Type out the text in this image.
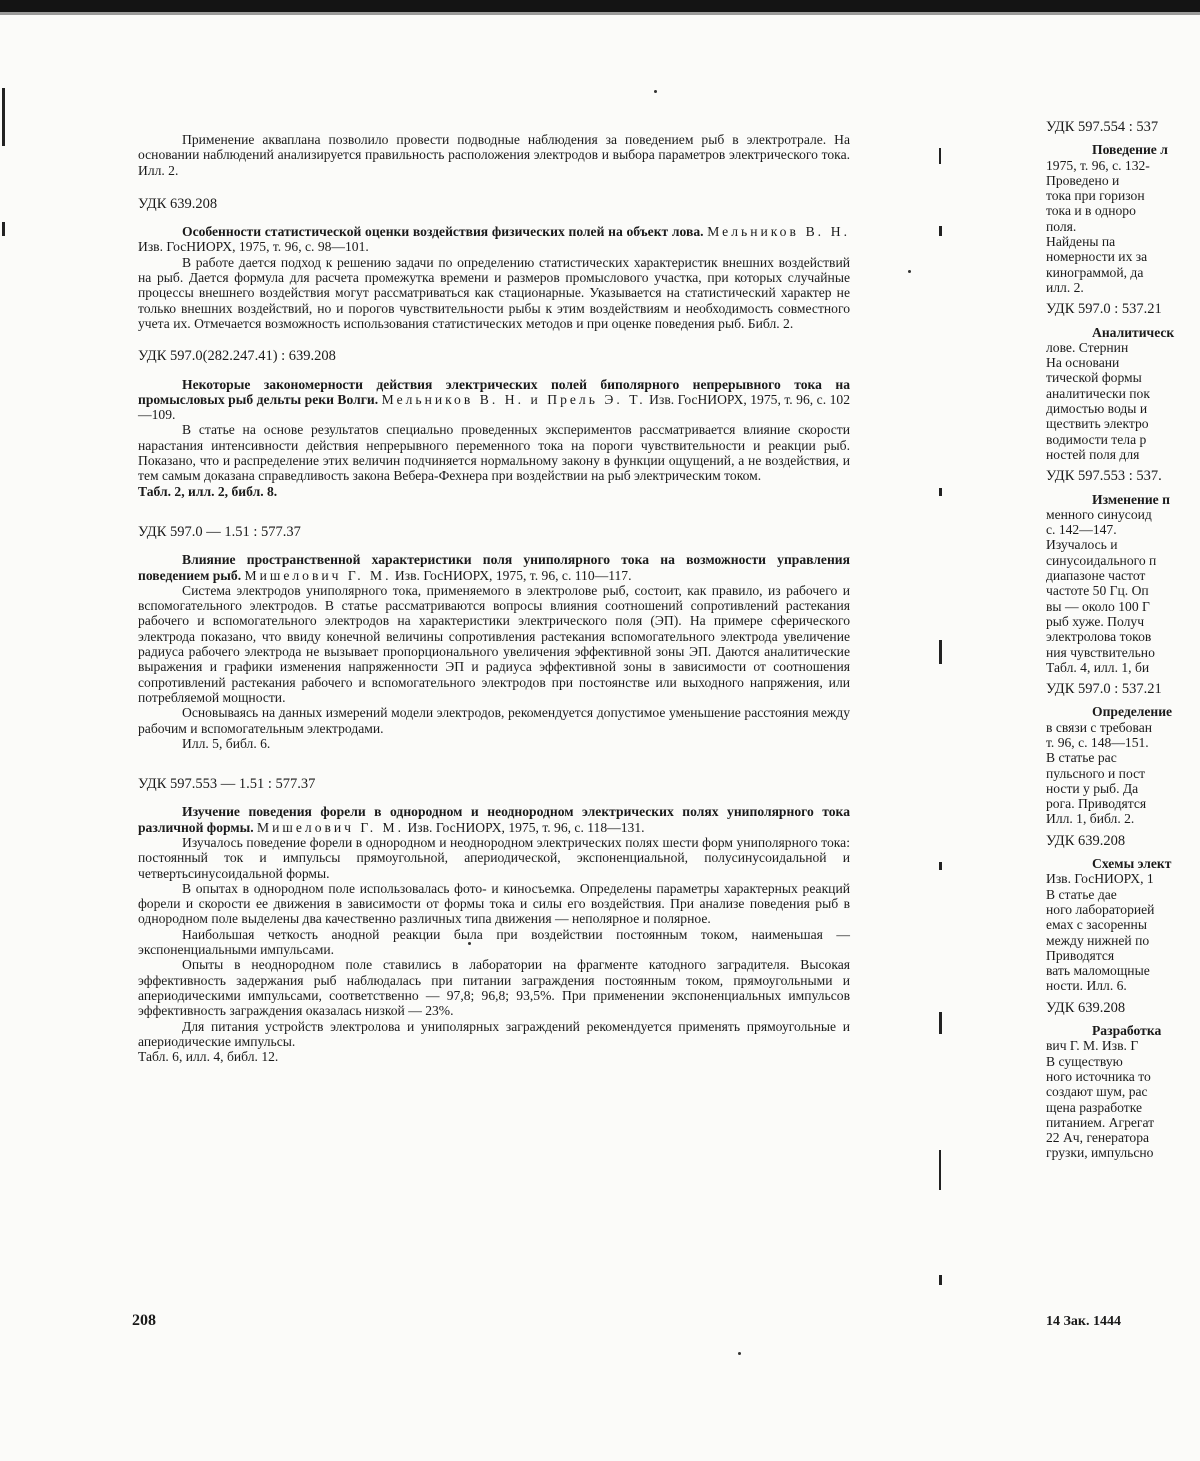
Применение акваплана позволило провести подводные наблюдения за поведением рыб в электротрале. На основании наблюдений анализируется правильность расположения электродов и выбора параметров электрического тока. Илл. 2.

УДК 639.208

Особенности статистической оценки воздействия физических полей на объект лова. Мельников В. Н. Изв. ГосНИОРХ, 1975, т. 96, с. 98—101.

В работе дается подход к решению задачи по определению статистических характеристик внешних воздействий на рыб. Дается формула для расчета промежутка времени и размеров промыслового участка, при которых случайные процессы внешнего воздействия могут рассматриваться как стационарные. Указывается на статистический характер не только внешних воздействий, но и порогов чувствительности рыбы к этим воздействиям и необходимость совместного учета их. Отмечается возможность использования статистических методов и при оценке поведения рыб. Библ. 2.

УДК 597.0(282.247.41) : 639.208

Некоторые закономерности действия электрических полей биполярного непрерывного тока на промысловых рыб дельты реки Волги. Мельников В. Н. и Прель Э. Т. Изв. ГосНИОРХ, 1975, т. 96, с. 102—109.

В статье на основе результатов специально проведенных экспериментов рассматривается влияние скорости нарастания интенсивности действия непрерывного переменного тока на пороги чувствительности и реакции рыб. Показано, что и распределение этих величин подчиняется нормальному закону в функции ощущений, а не воздействия, и тем самым доказана справедливость закона Вебера-Фехнера при воздействии на рыб электрическим током.

Табл. 2, илл. 2, библ. 8.

УДК 597.0 — 1.51 : 577.37

Влияние пространственной характеристики поля униполярного тока на возможности управления поведением рыб. Мишелович Г. М. Изв. ГосНИОРХ, 1975, т. 96, с. 110—117.

Система электродов униполярного тока, применяемого в электролове рыб, состоит, как правило, из рабочего и вспомогательного электродов. В статье рассматриваются вопросы влияния соотношений сопротивлений растекания рабочего и вспомогательного электродов на характеристики электрического поля (ЭП). На примере сферического электрода показано, что ввиду конечной величины сопротивления растекания вспомогательного электрода увеличение радиуса рабочего электрода не вызывает пропорционального увеличения эффективной зоны ЭП. Даются аналитические выражения и графики изменения напряженности ЭП и радиуса эффективной зоны в зависимости от соотношения сопротивлений растекания рабочего и вспомогательного электродов при постоянстве или выходного напряжения, или потребляемой мощности.

Основываясь на данных измерений модели электродов, рекомендуется допустимое уменьшение расстояния между рабочим и вспомогательным электродами.

Илл. 5, библ. 6.

УДК 597.553 — 1.51 : 577.37

Изучение поведения форели в однородном и неоднородном электрических полях униполярного тока различной формы. Мишелович Г. М. Изв. ГосНИОРХ, 1975, т. 96, с. 118—131.

Изучалось поведение форели в однородном и неоднородном электрических полях шести форм униполярного тока: постоянный ток и импульсы прямоугольной, апериодической, экспоненциальной, полусинусоидальной и четвертьсинусоидальной формы.

В опытах в однородном поле использовалась фото- и киносъемка. Определены параметры характерных реакций форели и скорости ее движения в зависимости от формы тока и силы его воздействия. При анализе поведения рыб в однородном поле выделены два качественно различных типа движения — неполярное и полярное.

Наибольшая четкость анодной реакции была при воздействии постоянным током, наименьшая — экспоненциальными импульсами.

Опыты в неоднородном поле ставились в лаборатории на фрагменте катодного заградителя. Высокая эффективность задержания рыб наблюдалась при питании заграждения постоянным током, прямоугольными и апериодическими импульсами, соответственно — 97,8; 96,8; 93,5%. При применении экспоненциальных импульсов эффективность заграждения оказалась низкой — 23%.

Для питания устройств электролова и униполярных заграждений рекомендуется применять прямоугольные и апериодические импульсы.

Табл. 6, илл. 4, библ. 12.

208

УДК 597.554 : 537

Поведение л

1975, т. 96, с. 132-

Проведено и

тока при горизон

тока и в одноро

поля.

Найдены па

номерности их за

кинограммой, да

илл. 2.

УДК 597.0 : 537.21

Аналитическ

лове. Стернин

На основани

тической формы

аналитически пок

димостью воды и

ществить электро

водимости тела р

ностей поля для

УДК 597.553 : 537.

Изменение п

менного синусоид

с. 142—147.

Изучалось и

синусоидального п

диапазоне частот

частоте 50 Гц. Оп

вы — около 100 Г

рыб хуже. Получ

электролова токов

ния чувствительно

Табл. 4, илл. 1, би

УДК 597.0 : 537.21

Определение

в связи с требован

т. 96, с. 148—151.

В статье рас

пульсного и пост

ности у рыб. Да

рога. Приводятся

Илл. 1, библ. 2.

УДК 639.208

Схемы элект

Изв. ГосНИОРХ, 1

В статье дае

ного лабораторией

емах с засоренны

между нижней по

Приводятся

вать маломощные

ности. Илл. 6.

УДК 639.208

Разработка

вич Г. М. Изв. Г

В существую

ного источника то

создают шум, рас

щена разработке

питанием. Агрегат

22 Ач, генератора

грузки, импульсно

14 Зак. 1444
